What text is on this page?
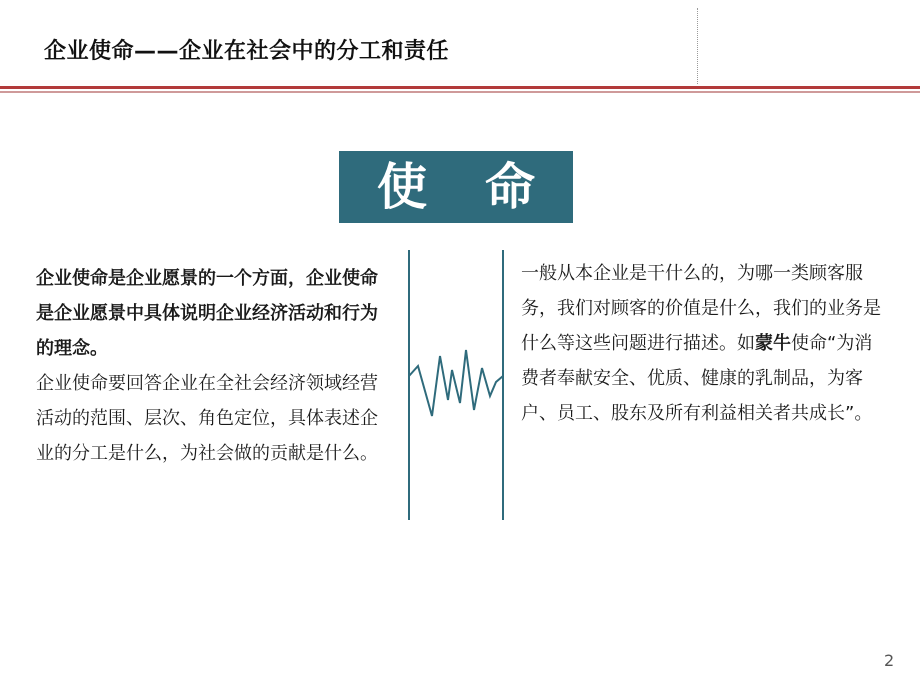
企业使命——企业在社会中的分工和责任
使命
企业使命是企业愿景的一个方面，企业使命是企业愿景中具体说明企业经济活动和行为的理念。
企业使命要回答企业在全社会经济领域经营活动的范围、层次、角色定位，具体表述企业的分工是什么，为社会做的贡献是什么。
一般从本企业是干什么的，为哪一类顾客服务，我们对顾客的价值是什么，我们的业务是什么等这些问题进行描述。如蒙牛使命“为消费者奉献安全、优质、健康的乳制品，为客户、员工、股东及所有利益相关者共成长”。
2
